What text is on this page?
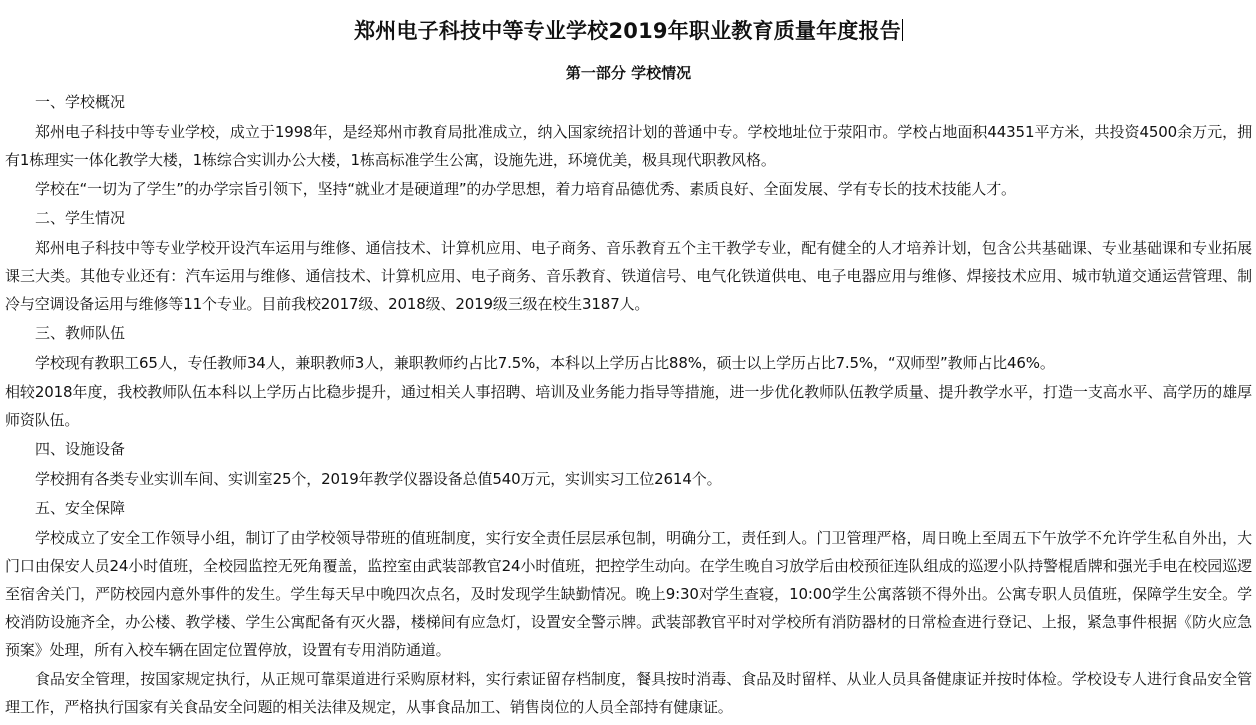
郑州电子科技中等专业学校2019年职业教育质量年度报告
第一部分 学校情况
一、学校概况

郑州电子科技中等专业学校，成立于1998年，是经郑州市教育局批准成立，纳入国家统招计划的普通中专。学校地址位于荥阳市。学校占地面积44351平方米，共投资4500余万元，拥有1栋理实一体化教学大楼，1栋综合实训办公大楼，1栋高标准学生公寓，设施先进，环境优美，极具现代职教风格。

学校在“一切为了学生”的办学宗旨引领下，坚持“就业才是硬道理”的办学思想，着力培育品德优秀、素质良好、全面发展、学有专长的技术技能人才。

二、学生情况

郑州电子科技中等专业学校开设汽车运用与维修、通信技术、计算机应用、电子商务、音乐教育五个主干教学专业，配有健全的人才培养计划，包含公共基础课、专业基础课和专业拓展课三大类。其他专业还有：汽车运用与维修、通信技术、计算机应用、电子商务、音乐教育、铁道信号、电气化铁道供电、电子电器应用与维修、焊接技术应用、城市轨道交通运营管理、制冷与空调设备运用与维修等11个专业。目前我校2017级、2018级、2019级三级在校生3187人。

三、教师队伍

学校现有教职工65人，专任教师34人，兼职教师3人，兼职教师约占比7.5%，本科以上学历占比88%，硕士以上学历占比7.5%，“双师型”教师占比46%。

相较2018年度，我校教师队伍本科以上学历占比稳步提升，通过相关人事招聘、培训及业务能力指导等措施，进一步优化教师队伍教学质量、提升教学水平，打造一支高水平、高学历的雄厚师资队伍。

四、设施设备

学校拥有各类专业实训车间、实训室25个，2019年教学仪器设备总值540万元，实训实习工位2614个。

五、安全保障

学校成立了安全工作领导小组，制订了由学校领导带班的值班制度，实行安全责任层层承包制，明确分工，责任到人。门卫管理严格，周日晚上至周五下午放学不允许学生私自外出，大门口由保安人员24小时值班，全校园监控无死角覆盖，监控室由武装部教官24小时值班，把控学生动向。在学生晚自习放学后由校预征连队组成的巡逻小队持警棍盾牌和强光手电在校园巡逻至宿舍关门，严防校园内意外事件的发生。学生每天早中晚四次点名，及时发现学生缺勤情况。晚上9:30对学生查寝，10:00学生公寓落锁不得外出。公寓专职人员值班，保障学生安全。学校消防设施齐全，办公楼、教学楼、学生公寓配备有灭火器，楼梯间有应急灯，设置安全警示牌。武装部教官平时对学校所有消防器材的日常检查进行登记、上报，紧急事件根据《防火应急预案》处理，所有入校车辆在固定位置停放，设置有专用消防通道。

食品安全管理，按国家规定执行，从正规可靠渠道进行采购原材料，实行索证留存档制度，餐具按时消毒、食品及时留样、从业人员具备健康证并按时体检。学校设专人进行食品安全管理工作，严格执行国家有关食品安全问题的相关法律及规定，从事食品加工、销售岗位的人员全部持有健康证。
